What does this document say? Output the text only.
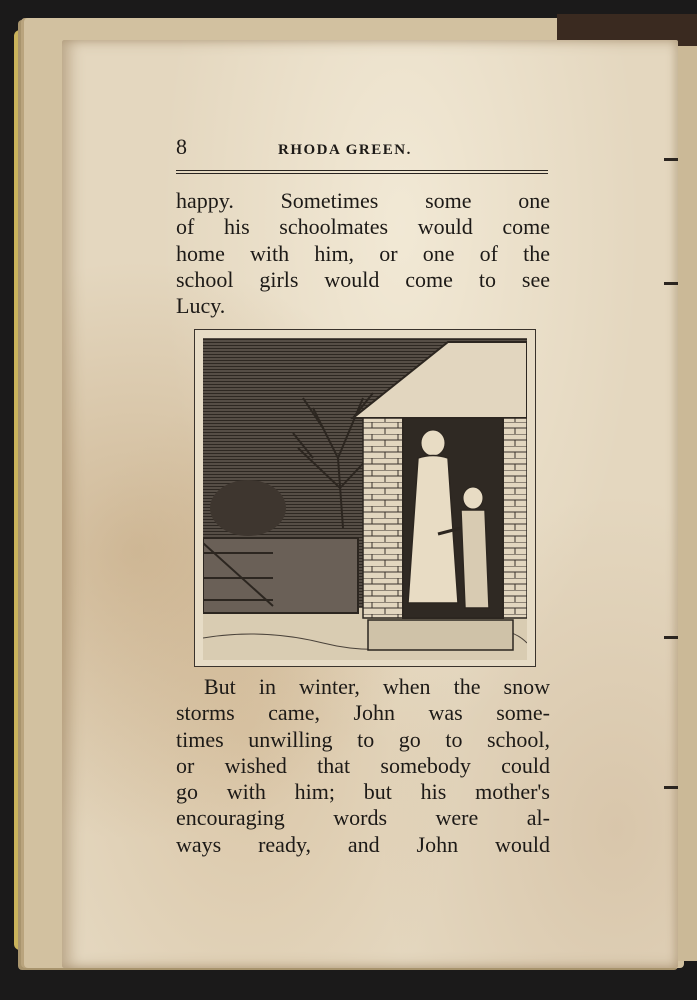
8	RHODA GREEN.
happy. Sometimes some one
of his schoolmates would come
home with him, or one of the
school girls would come to see
Lucy.
But in winter, when the snow
storms came, John was some-
times unwilling to go to school,
or wished that somebody could
go with him; but his mother's
encouraging words were al-
ways ready, and John would
